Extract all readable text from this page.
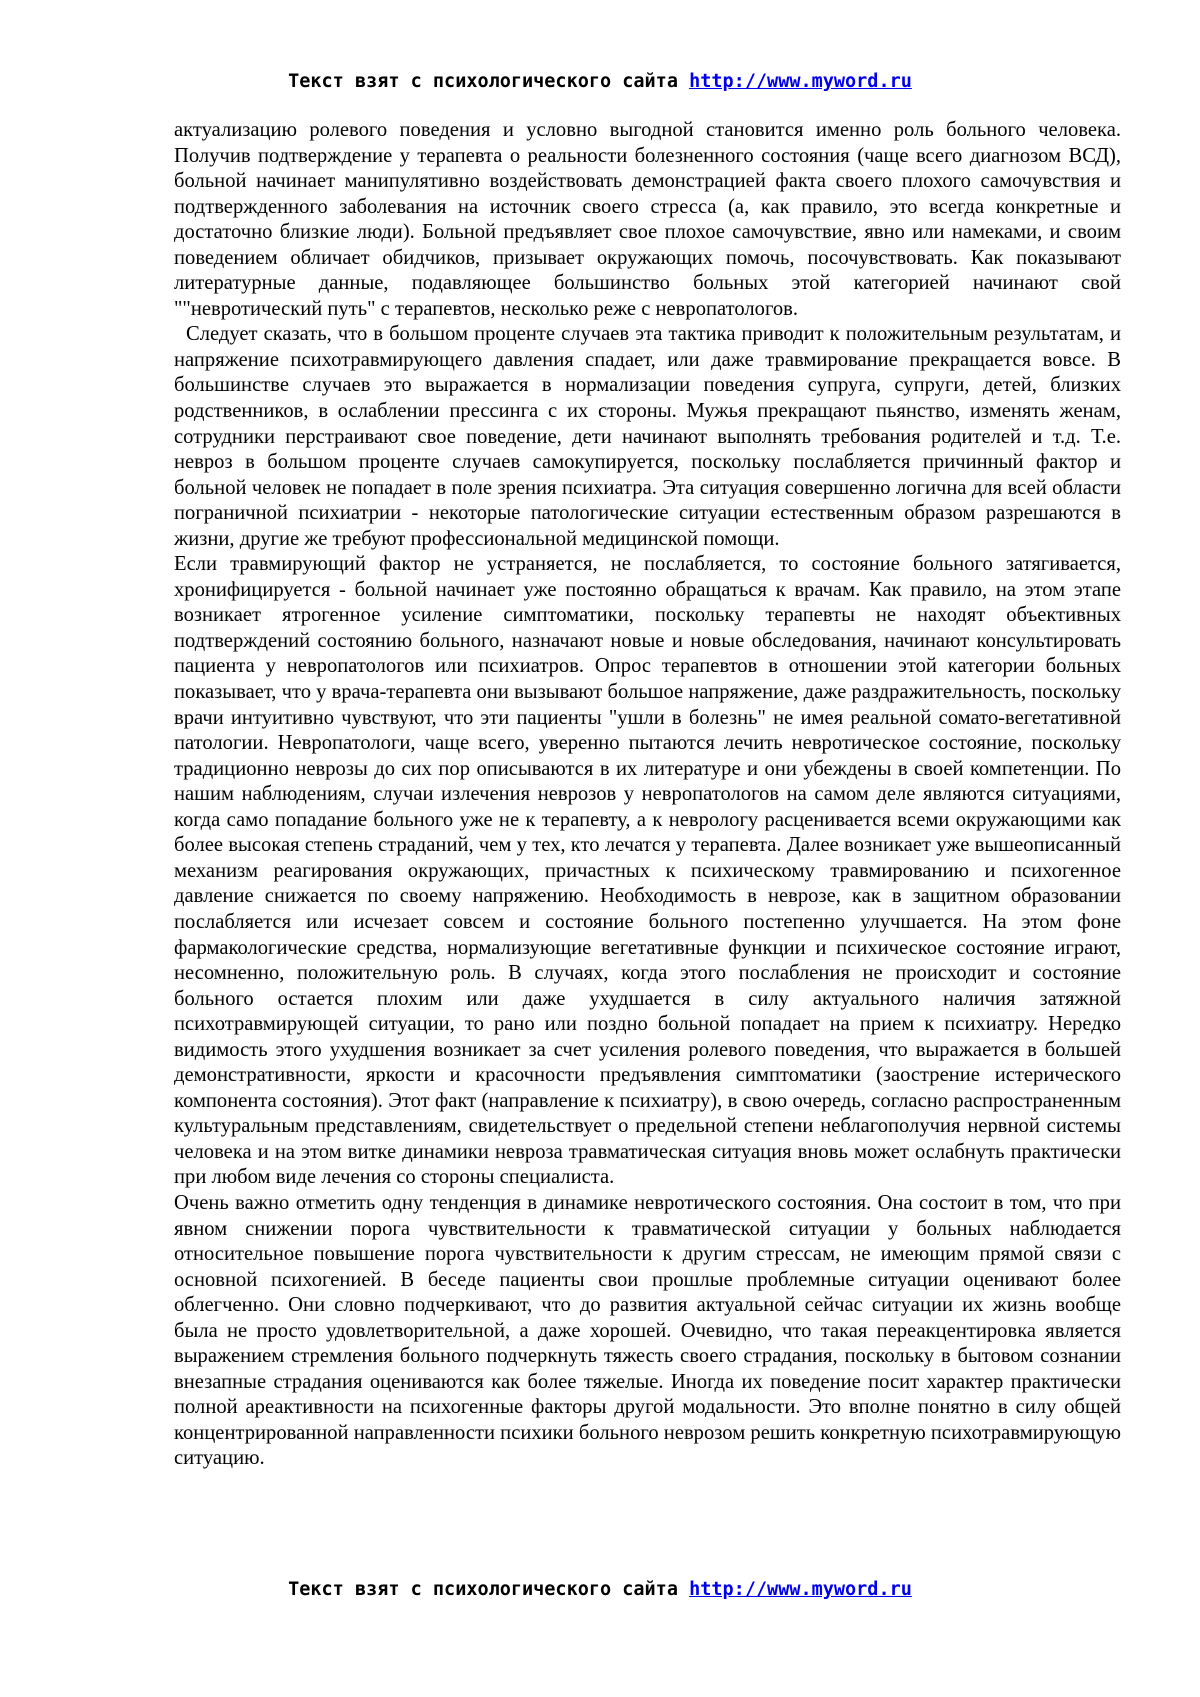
Текст взят с психологического сайта http://www.myword.ru

актуализацию ролевого поведения и условно выгодной становится именно роль больного человека. Получив подтверждение у терапевта о реальности болезненного состояния (чаще всего диагнозом ВСД), больной начинает манипулятивно воздействовать демонстрацией факта своего плохого самочувствия и подтвержденного заболевания на источник своего стресса (а, как правило, это всегда конкретные и достаточно близкие люди). Больной предъявляет свое плохое самочувствие, явно или намеками, и своим поведением обличает обидчиков, призывает окружающих помочь, посочувствовать. Как показывают литературные данные, подавляющее большинство больных этой категорией начинают свой ""невротический путь" с терапевтов, несколько реже с невропатологов.

Следует сказать, что в большом проценте случаев эта тактика приводит к положительным результатам, и напряжение психотравмирующего давления спадает, или даже травмирование прекращается вовсе. В большинстве случаев это выражается в нормализации поведения супруга, супруги, детей, близких родственников, в ослаблении прессинга с их стороны. Мужья прекращают пьянство, изменять женам, сотрудники перстраивают свое поведение, дети начинают выполнять требования родителей и т.д. Т.е. невроз в большом проценте случаев самокупируется, поскольку послабляется причинный фактор и больной человек не попадает в поле зрения психиатра. Эта ситуация совершенно логична для всей области пограничной психиатрии - некоторые патологические ситуации естественным образом разрешаются в жизни, другие же требуют профессиональной медицинской помощи.

Если травмирующий фактор не устраняется, не послабляется, то состояние больного затягивается, хронифицируется - больной начинает уже постоянно обращаться к врачам. Как правило, на этом этапе возникает ятрогенное усиление симптоматики, поскольку терапевты не находят объективных подтверждений состоянию больного, назначают новые и новые обследования, начинают консультировать пациента у невропатологов или психиатров. Опрос терапевтов в отношении этой категории больных показывает, что у врача-терапевта они вызывают большое напряжение, даже раздражительность, поскольку врачи интуитивно чувствуют, что эти пациенты "ушли в болезнь" не имея реальной сомато-вегетативной патологии. Невропатологи, чаще всего, уверенно пытаются лечить невротическое состояние, поскольку традиционно неврозы до сих пор описываются в их литературе и они убеждены в своей компетенции. По нашим наблюдениям, случаи излечения неврозов у невропатологов на самом деле являются ситуациями, когда само попадание больного уже не к терапевту, а к неврологу расценивается всеми окружающими как более высокая степень страданий, чем у тех, кто лечатся у терапевта. Далее возникает уже вышеописанный механизм реагирования окружающих, причастных к психическому травмированию и психогенное давление снижается по своему напряжению. Необходимость в неврозе, как в защитном образовании послабляется или исчезает совсем и состояние больного постепенно улучшается. На этом фоне фармакологические средства, нормализующие вегетативные функции и психическое состояние играют, несомненно, положительную роль. В случаях, когда этого послабления не происходит и состояние больного остается плохим или даже ухудшается в силу актуального наличия затяжной психотравмирующей ситуации, то рано или поздно больной попадает на прием к психиатру. Нередко видимость этого ухудшения возникает за счет усиления ролевого поведения, что выражается в большей демонстративности, яркости и красочности предъявления симптоматики (заострение истерического компонента состояния). Этот факт (направление к психиатру), в свою очередь, согласно распространенным культуральным представлениям, свидетельствует о предельной степени неблагополучия нервной системы человека и на этом витке динамики невроза травматическая ситуация вновь может ослабнуть практически при любом виде лечения со стороны специалиста.

Очень важно отметить одну тенденция в динамике невротического состояния. Она состоит в том, что при явном снижении порога чувствительности к травматической ситуации у больных наблюдается относительное повышение порога чувствительности к другим стрессам, не имеющим прямой связи с основной психогенией. В беседе пациенты свои прошлые проблемные ситуации оценивают более облегченно. Они словно подчеркивают, что до развития актуальной сейчас ситуации их жизнь вообще была не просто удовлетворительной, а даже хорошей. Очевидно, что такая переакцентировка является выражением стремления больного подчеркнуть тяжесть своего страдания, поскольку в бытовом сознании внезапные страдания оцениваются как более тяжелые. Иногда их поведение посит характер практически полной ареактивности на психогенные факторы другой модальности. Это вполне понятно в силу общей концентрированной направленности психики больного неврозом решить конкретную психотравмирующую ситуацию.

Текст взят с психологического сайта http://www.myword.ru
